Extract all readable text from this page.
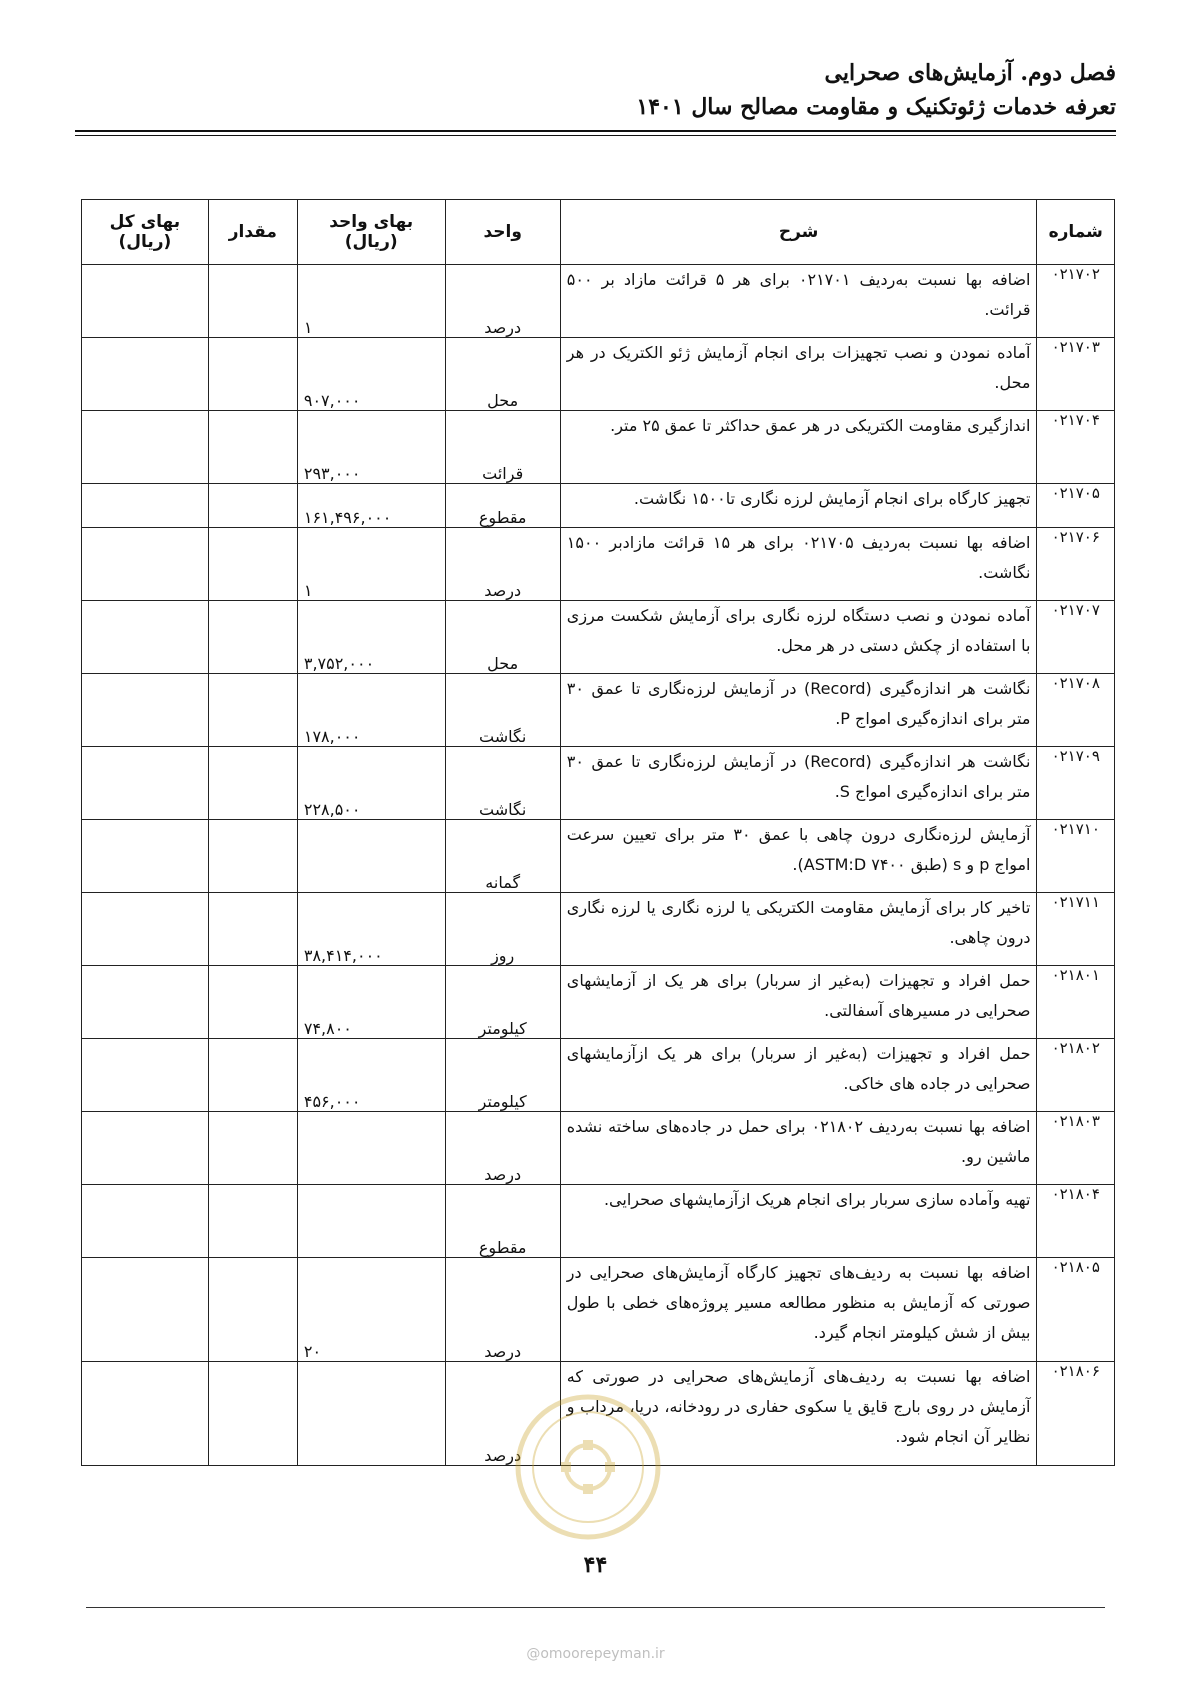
فصل دوم. آزمایش‌های صحرایی
تعرفه خدمات ژئوتکنیک و مقاومت مصالح سال ۱۴۰۱
شماره	شرح	واحد	بهای واحد (ریال)	مقدار	بهای کل (ریال)
۰۲۱۷۰۲	اضافه بها نسبت به‌ردیف ۰۲۱۷۰۱ برای هر ۵ قرائت مازاد بر ۵۰۰ قرائت.	درصد	۱		
۰۲۱۷۰۳	آماده نمودن و نصب تجهیزات برای انجام آزمایش ژئو الکتریک در هر محل.	محل	۹۰۷,۰۰۰		
۰۲۱۷۰۴	اندازگیری مقاومت الکتریکی در هر عمق حداکثر تا عمق ۲۵ متر.	قرائت	۲۹۳,۰۰۰		
۰۲۱۷۰۵	تجهیز کارگاه برای انجام آزمایش لرزه نگاری تا۱۵۰۰ نگاشت.	مقطوع	۱۶۱,۴۹۶,۰۰۰		
۰۲۱۷۰۶	اضافه بها نسبت به‌ردیف ۰۲۱۷۰۵ برای هر ۱۵ قرائت مازادبر ۱۵۰۰ نگاشت.	درصد	۱		
۰۲۱۷۰۷	آماده نمودن و نصب دستگاه لرزه نگاری برای آزمایش شکست مرزی با استفاده از چکش دستی در هر محل.	محل	۳,۷۵۲,۰۰۰		
۰۲۱۷۰۸	نگاشت هر اندازه‌گیری (Record) در آزمایش لرزه‌نگاری تا عمق ۳۰ متر برای اندازه‌گیری امواج P.	نگاشت	۱۷۸,۰۰۰		
۰۲۱۷۰۹	نگاشت هر اندازه‌گیری (Record) در آزمایش لرزه‌نگاری تا عمق ۳۰ متر برای اندازه‌گیری امواج S.	نگاشت	۲۲۸,۵۰۰		
۰۲۱۷۱۰	آزمایش لرزه‌نگاری درون چاهی با عمق ۳۰ متر برای تعیین سرعت امواج p و s (طبق ASTM:D ۷۴۰۰).	گمانه			
۰۲۱۷۱۱	تاخیر کار برای آزمایش مقاومت الکتریکی یا لرزه نگاری یا لرزه نگاری درون چاهی.	روز	۳۸,۴۱۴,۰۰۰		
۰۲۱۸۰۱	حمل افراد و تجهیزات (به‌غیر از سربار) برای هر یک از آزمایشهای صحرایی در مسیرهای آسفالتی.	کیلومتر	۷۴,۸۰۰		
۰۲۱۸۰۲	حمل افراد و تجهیزات (به‌غیر از سربار) برای هر یک ازآزمایشهای صحرایی در جاده های خاکی.	کیلومتر	۴۵۶,۰۰۰		
۰۲۱۸۰۳	اضافه بها نسبت به‌ردیف ۰۲۱۸۰۲ برای حمل در جاده‌های ساخته نشده ماشین رو.	درصد			
۰۲۱۸۰۴	تهیه وآماده سازی سربار برای انجام هریک ازآزمایشهای صحرایی.	مقطوع			
۰۲۱۸۰۵	اضافه بها نسبت به ردیف‌های تجهیز کارگاه آزمایش‌های صحرایی در صورتی که آزمایش به منظور مطالعه مسیر پروژه‌های خطی با طول بیش از شش کیلومتر انجام گیرد.	درصد	۲۰		
۰۲۱۸۰۶	اضافه بها نسبت به ردیف‌های آزمایش‌های صحرایی در صورتی که آزمایش در روی بارج قایق یا سکوی حفاری در رودخانه، دریا، مرداب و نظایر آن انجام شود.	درصد			
۴۴
@omoorepeyman.ir
